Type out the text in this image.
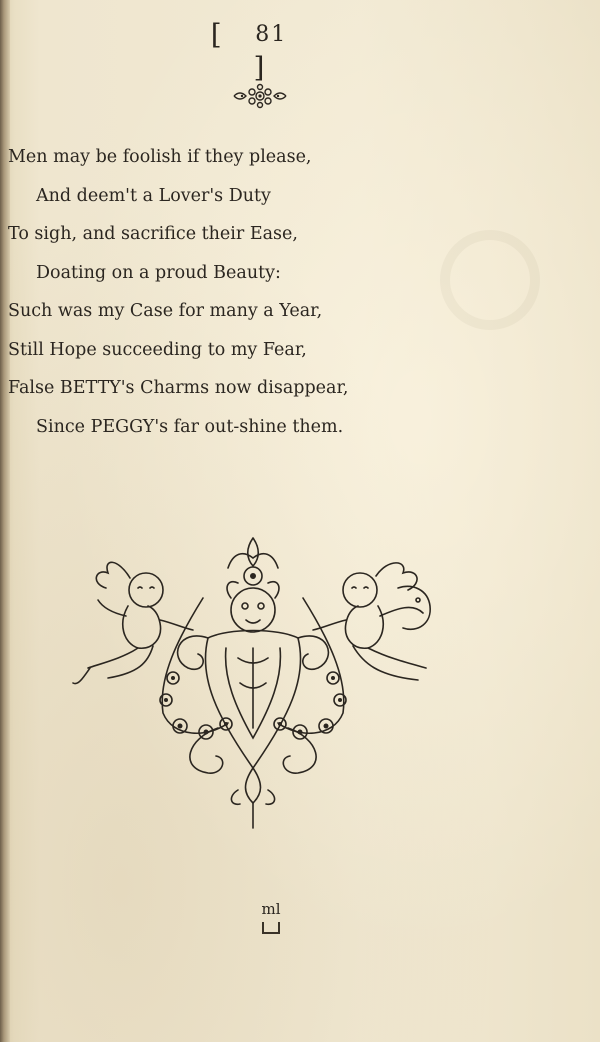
[ 81 ]
Men may be foolish if they please,
And deem't a Lover's Duty
To sigh, and sacrifice their Ease,
Doating on a proud Beauty:
Such was my Case for many a Year,
Still Hope succeeding to my Fear,
False BETTY's Charms now disappear,
Since PEGGY's far out-shine them.
ml
